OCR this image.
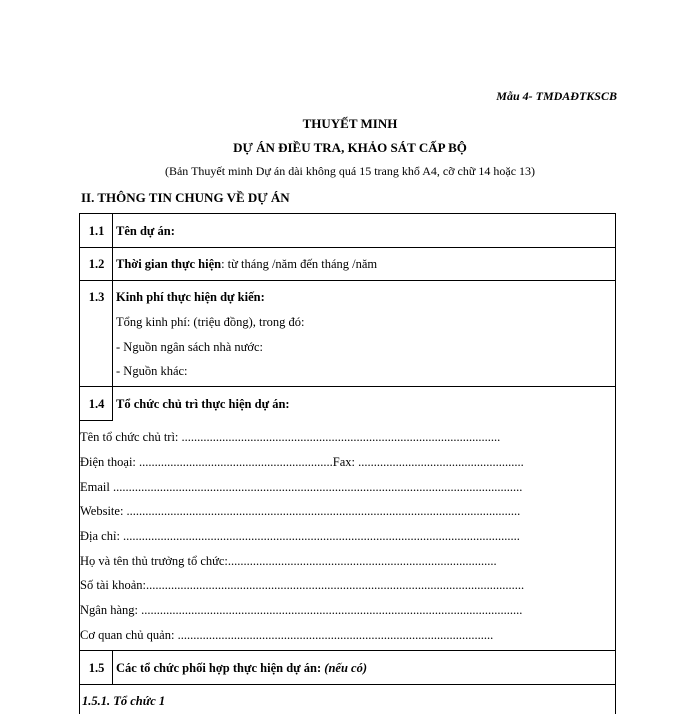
Mẫu 4- TMDAĐTKSCB
THUYẾT MINH
DỰ ÁN ĐIỀU TRA, KHẢO SÁT CẤP BỘ
(Bản Thuyết minh Dự án dài không quá 15 trang khổ A4, cỡ chữ 14 hoặc 13)
II. THÔNG TIN CHUNG VỀ DỰ ÁN
1.1 Tên dự án:
1.2 Thời gian thực hiện: từ tháng /năm đến tháng /năm
1.3 Kinh phí thực hiện dự kiến:
Tổng kinh phí: (triệu đồng), trong đó:
- Nguồn ngân sách nhà nước:
- Nguồn khác:
1.4 Tổ chức chủ trì thực hiện dự án:
Tên tổ chức chủ trì: ......................................................................................................
Điện thoại: ..............................................................Fax: .....................................................
Email ...................................................................................................................................
Website: ..............................................................................................................................
Địa chỉ: ...............................................................................................................................
Họ và tên thủ trưởng tổ chức:......................................................................................
Số tài khoản:.........................................................................................................................
Ngân hàng: ..........................................................................................................................
Cơ quan chủ quản: .....................................................................................................
1.5 Các tổ chức phối hợp thực hiện dự án: (nếu có)
1.5.1. Tổ chức 1
